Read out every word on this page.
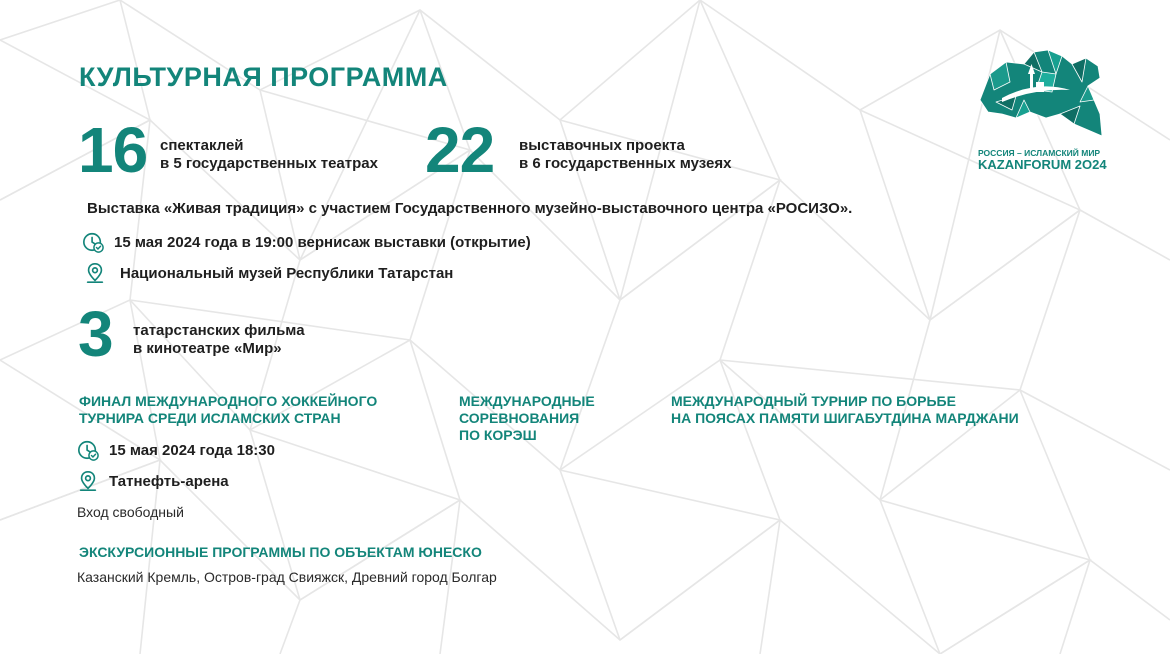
КУЛЬТУРНАЯ ПРОГРАММА
РОССИЯ – ИСЛАМСКИЙ МИР
KAZANFORUM 2О24
16 спектаклей
в 5 государственных театрах 22 выставочных проекта
в 6 государственных музеях
Выставка «Живая традиция» с участием Государственного музейно-выставочного центра «РОСИЗО».
15 мая 2024 года в 19:00 вернисаж выставки (открытие)
Национальный музей Республики Татарстан
3 татарстанских фильма
в кинотеатре «Мир»
ФИНАЛ МЕЖДУНАРОДНОГО ХОККЕЙНОГО
ТУРНИРА СРЕДИ ИСЛАМСКИХ СТРАН
15 мая 2024 года 18:30
Татнефть-арена
Вход свободный
МЕЖДУНАРОДНЫЕ
СОРЕВНОВАНИЯ
ПО КОРЭШ
МЕЖДУНАРОДНЫЙ ТУРНИР ПО БОРЬБЕ
НА ПОЯСАХ ПАМЯТИ ШИГАБУТДИНА МАРДЖАНИ
ЭКСКУРСИОННЫЕ ПРОГРАММЫ ПО ОБЪЕКТАМ ЮНЕСКО
Казанский Кремль, Остров-град Свияжск, Древний город Болгар
